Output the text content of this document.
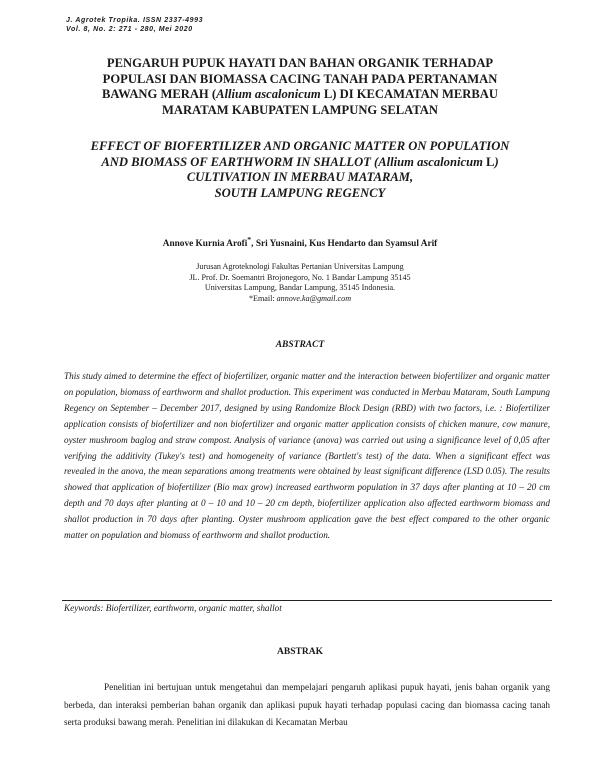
J. Agrotek Tropika. ISSN 2337-4993
Vol. 8, No. 2: 271 - 280, Mei 2020
PENGARUH PUPUK HAYATI DAN BAHAN ORGANIK TERHADAP
POPULASI DAN BIOMASSA CACING TANAH PADA PERTANAMAN
BAWANG MERAH (Allium ascalonicum L) DI KECAMATAN MERBAU
MARATAM KABUPATEN LAMPUNG SELATAN
EFFECT OF BIOFERTILIZER AND ORGANIC MATTER ON POPULATION
AND BIOMASS OF EARTHWORM IN SHALLOT (Allium ascalonicum L)
CULTIVATION IN MERBAU MATARAM,
SOUTH LAMPUNG REGENCY
Annove Kurnia Arofi*, Sri Yusnaini, Kus Hendarto dan Syamsul Arif
Jurusan Agroteknologi Fakultas Pertanian Universitas Lampung
JL. Prof. Dr. Soemantri Brojonegoro, No. 1 Bandar Lampung 35145
Universitas Lampung, Bandar Lampung, 35145 Indonesia.
*Email: annove.ka@gmail.com
ABSTRACT
This study aimed to determine the effect of biofertilizer, organic matter and the interaction between biofertilizer and organic matter on population, biomass of earthworm and shallot production. This experiment was conducted in Merbau Mataram, South Lampung Regency on September – December 2017, designed by using Randomize Block Design (RBD) with two factors, i.e. : Biofertilizer application consists of biofertilizer and non biofertilizer and organic matter application consists of chicken manure, cow manure, oyster mushroom baglog and straw compost. Analysis of variance (anova) was carried out using a significance level of 0,05 after verifying the additivity (Tukey's test) and homogeneity of variance (Bartlett's test) of the data. When a significant effect was revealed in the anova, the mean separations among treatments were obtained by least significant difference (LSD 0.05). The results showed that application of biofertilizer (Bio max grow) increased earthworm population in 37 days after planting at 10 – 20 cm depth and 70 days after planting at 0 – 10 and 10 – 20 cm depth, biofertilizer application also affected earthworm biomass and shallot production in 70 days after planting. Oyster mushroom application gave the best effect compared to the other organic matter on population and biomass of earthworm and shallot production.
Keywords: Biofertilizer, earthworm, organic matter, shallot
ABSTRAK
Penelitian ini bertujuan untuk mengetahui dan mempelajari pengaruh aplikasi pupuk hayati, jenis bahan organik yang berbeda, dan interaksi pemberian bahan organik dan aplikasi pupuk hayati terhadap populasi cacing dan biomassa cacing tanah serta produksi bawang merah. Penelitian ini dilakukan di Kecamatan Merbau
